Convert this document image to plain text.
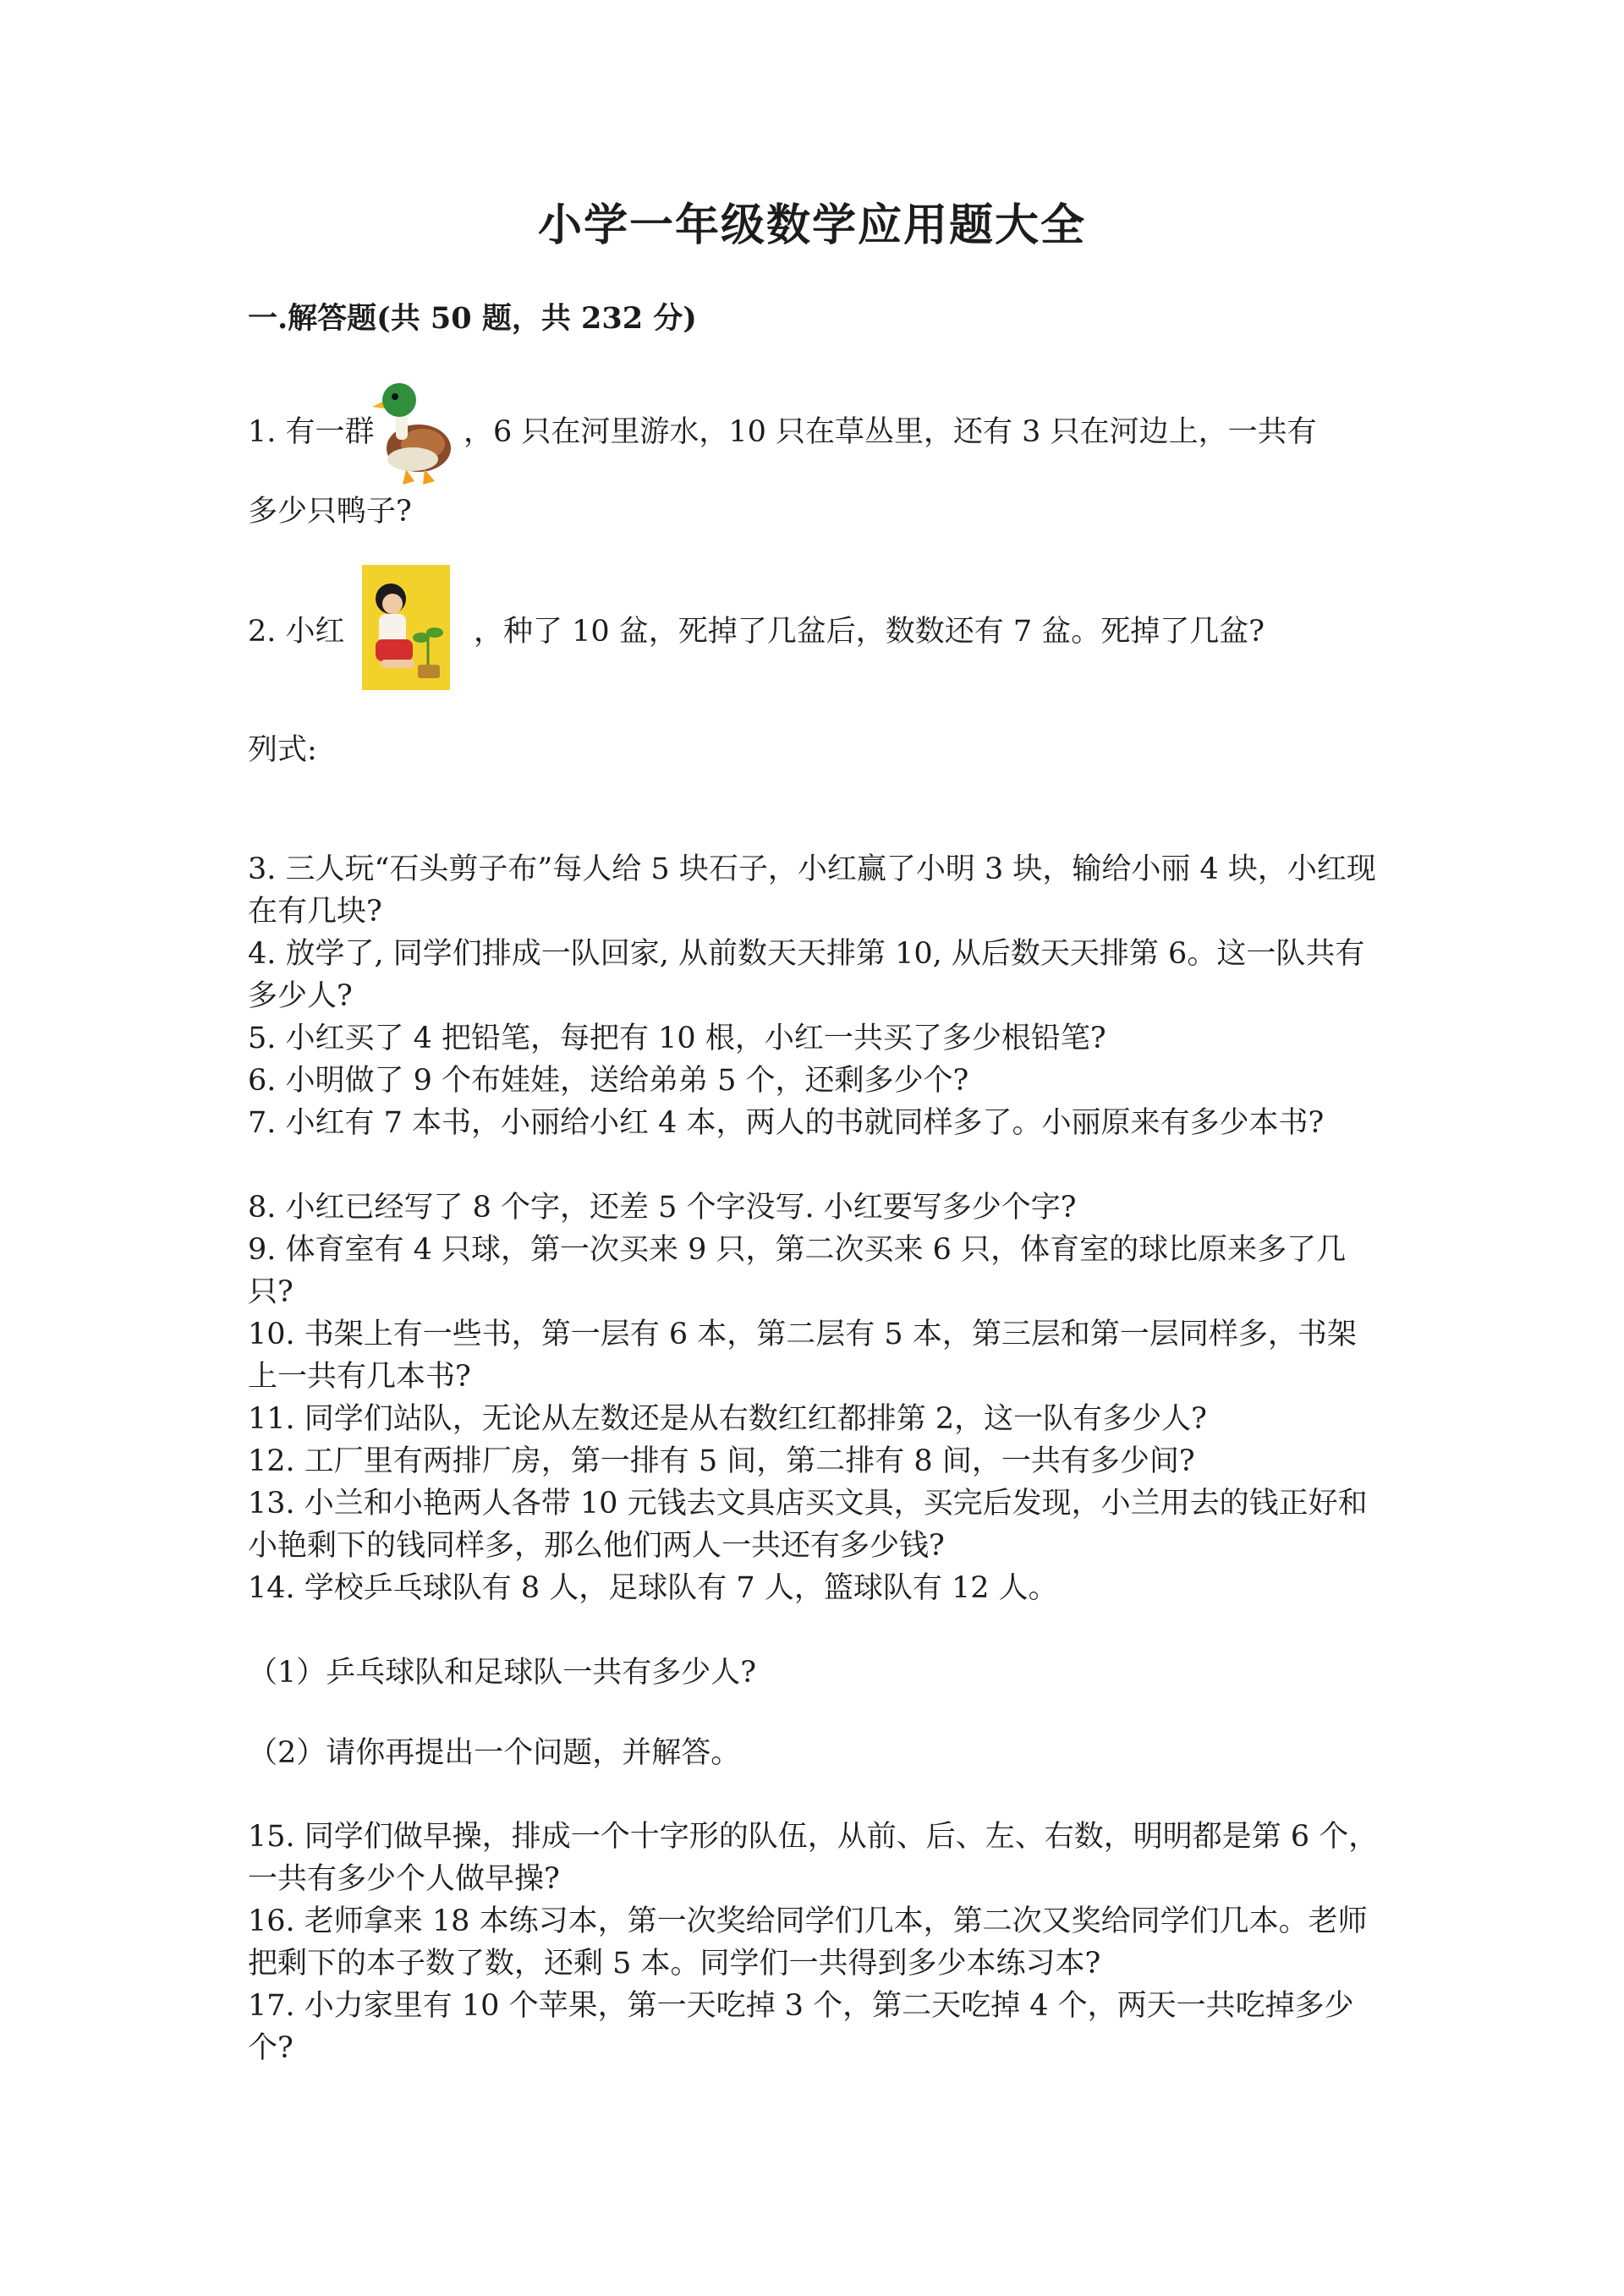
小学一年级数学应用题大全
一.解答题(共 50 题，共 232 分)
1. 有一群	，6 只在河里游水，10 只在草丛里，还有 3 只在河边上，一共有
多少只鸭子?
2. 小红	，种了 10 盆，死掉了几盆后，数数还有 7 盆。死掉了几盆?
列式:
3. 三人玩“石头剪子布”每人给 5 块石子，小红赢了小明 3 块，输给小丽 4 块，小红现在有几块?
4. 放学了, 同学们排成一队回家, 从前数天天排第 10, 从后数天天排第 6。这一队共有多少人?
5. 小红买了 4 把铅笔，每把有 10 根，小红一共买了多少根铅笔?
6. 小明做了 9 个布娃娃，送给弟弟 5 个，还剩多少个?
7. 小红有 7 本书，小丽给小红 4 本，两人的书就同样多了。小丽原来有多少本书?
8. 小红已经写了 8 个字，还差 5 个字没写. 小红要写多少个字?
9. 体育室有 4 只球，第一次买来 9 只，第二次买来 6 只，体育室的球比原来多了几只?
10. 书架上有一些书，第一层有 6 本，第二层有 5 本，第三层和第一层同样多，书架上一共有几本书?
11. 同学们站队，无论从左数还是从右数红红都排第 2，这一队有多少人?
12. 工厂里有两排厂房，第一排有 5 间，第二排有 8 间，一共有多少间?
13. 小兰和小艳两人各带 10 元钱去文具店买文具，买完后发现，小兰用去的钱正好和小艳剩下的钱同样多，那么他们两人一共还有多少钱?
14. 学校乒乓球队有 8 人，足球队有 7 人，篮球队有 12 人。
（1）乒乓球队和足球队一共有多少人?
（2）请你再提出一个问题，并解答。
15. 同学们做早操，排成一个十字形的队伍，从前、后、左、右数，明明都是第 6 个，一共有多少个人做早操?
16. 老师拿来 18 本练习本，第一次奖给同学们几本，第二次又奖给同学们几本。老师把剩下的本子数了数，还剩 5 本。同学们一共得到多少本练习本?
17. 小力家里有 10 个苹果，第一天吃掉 3 个，第二天吃掉 4 个，两天一共吃掉多少个?
